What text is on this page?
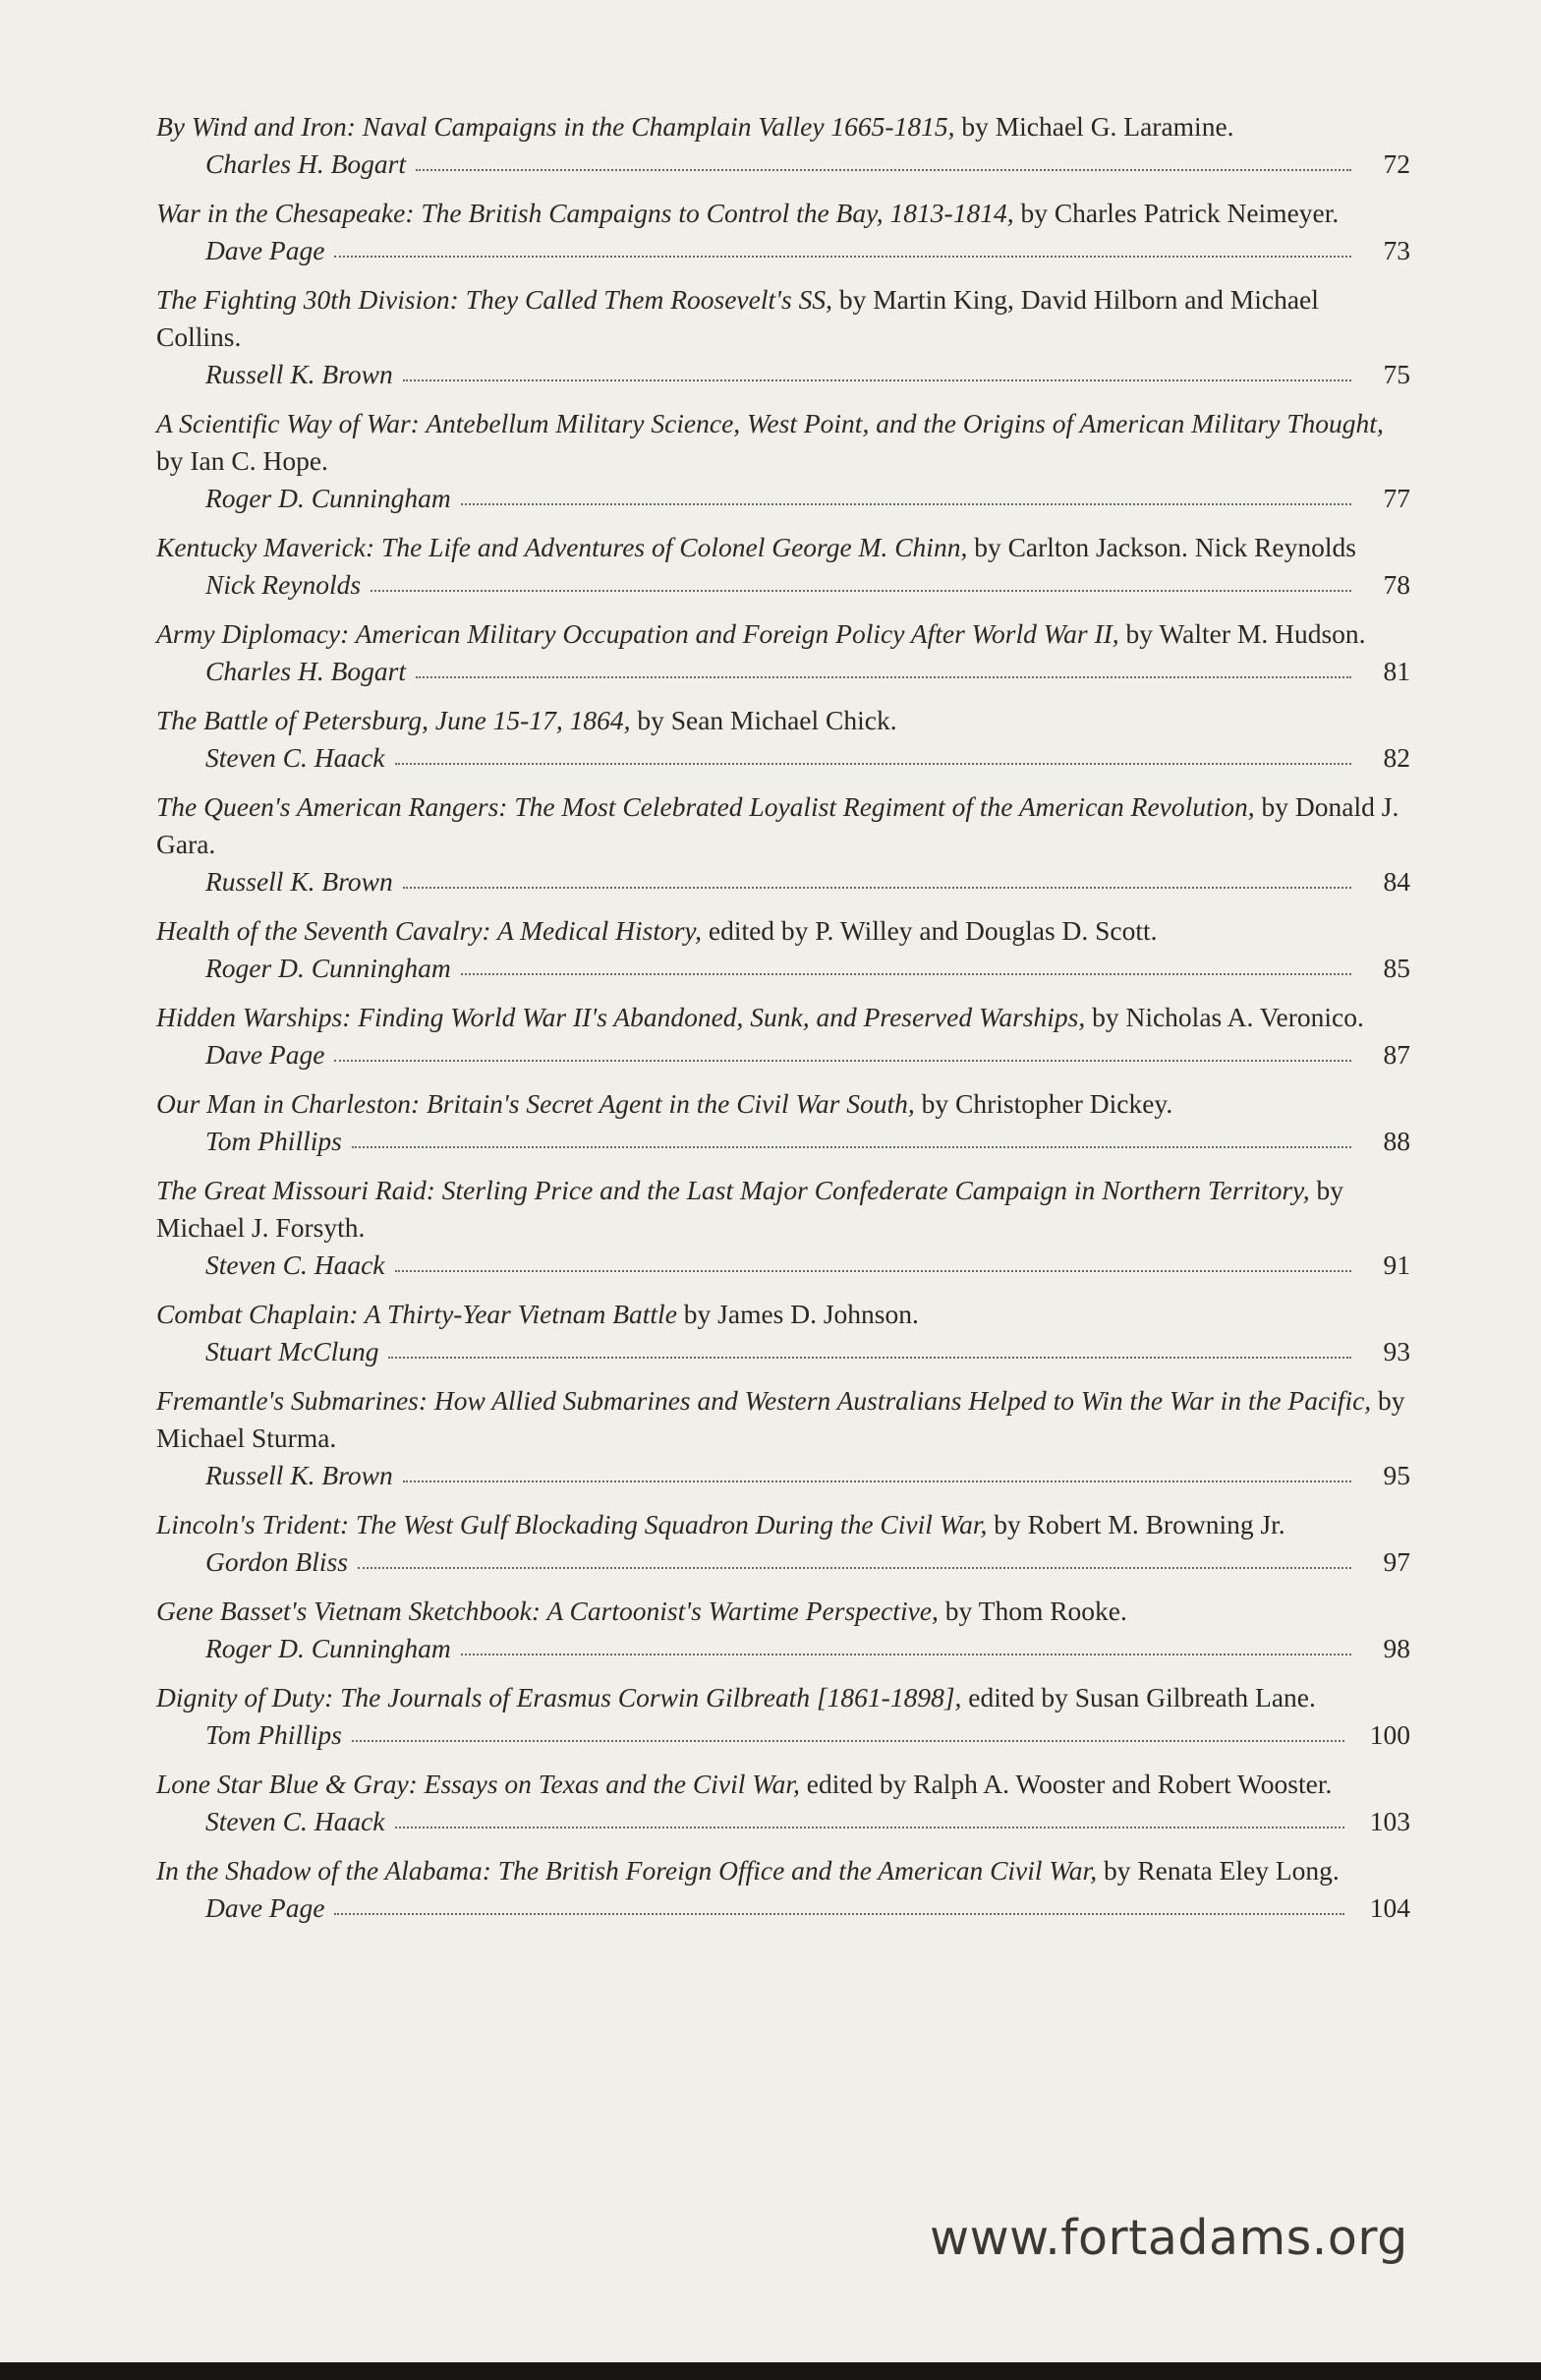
By Wind and Iron: Naval Campaigns in the Champlain Valley 1665-1815, by Michael G. Laramine.
Charles H. Bogart	72
War in the Chesapeake: The British Campaigns to Control the Bay, 1813-1814, by Charles Patrick Neimeyer.
Dave Page	73
The Fighting 30th Division: They Called Them Roosevelt's SS, by Martin King, David Hilborn and Michael Collins.
Russell K. Brown	75
A Scientific Way of War: Antebellum Military Science, West Point, and the Origins of American Military Thought, by Ian C. Hope.
Roger D. Cunningham	77
Kentucky Maverick: The Life and Adventures of Colonel George M. Chinn, by Carlton Jackson. Nick Reynolds
Nick Reynolds	78
Army Diplomacy: American Military Occupation and Foreign Policy After World War II, by Walter M. Hudson.
Charles H. Bogart	81
The Battle of Petersburg, June 15-17, 1864, by Sean Michael Chick.
Steven C. Haack	82
The Queen's American Rangers: The Most Celebrated Loyalist Regiment of the American Revolution, by Donald J. Gara.
Russell K. Brown	84
Health of the Seventh Cavalry: A Medical History, edited by P. Willey and Douglas D. Scott.
Roger D. Cunningham	85
Hidden Warships: Finding World War II's Abandoned, Sunk, and Preserved Warships, by Nicholas A. Veronico.
Dave Page	87
Our Man in Charleston: Britain's Secret Agent in the Civil War South, by Christopher Dickey.
Tom Phillips	88
The Great Missouri Raid: Sterling Price and the Last Major Confederate Campaign in Northern Territory, by Michael J. Forsyth.
Steven C. Haack	91
Combat Chaplain: A Thirty-Year Vietnam Battle by James D. Johnson.
Stuart McClung	93
Fremantle's Submarines: How Allied Submarines and Western Australians Helped to Win the War in the Pacific, by Michael Sturma.
Russell K. Brown	95
Lincoln's Trident: The West Gulf Blockading Squadron During the Civil War, by Robert M. Browning Jr.
Gordon Bliss	97
Gene Basset's Vietnam Sketchbook: A Cartoonist's Wartime Perspective, by Thom Rooke.
Roger D. Cunningham	98
Dignity of Duty: The Journals of Erasmus Corwin Gilbreath [1861-1898], edited by Susan Gilbreath Lane.
Tom Phillips	100
Lone Star Blue & Gray: Essays on Texas and the Civil War, edited by Ralph A. Wooster and Robert Wooster.
Steven C. Haack	103
In the Shadow of the Alabama: The British Foreign Office and the American Civil War, by Renata Eley Long.
Dave Page	104
www.fortadams.org
